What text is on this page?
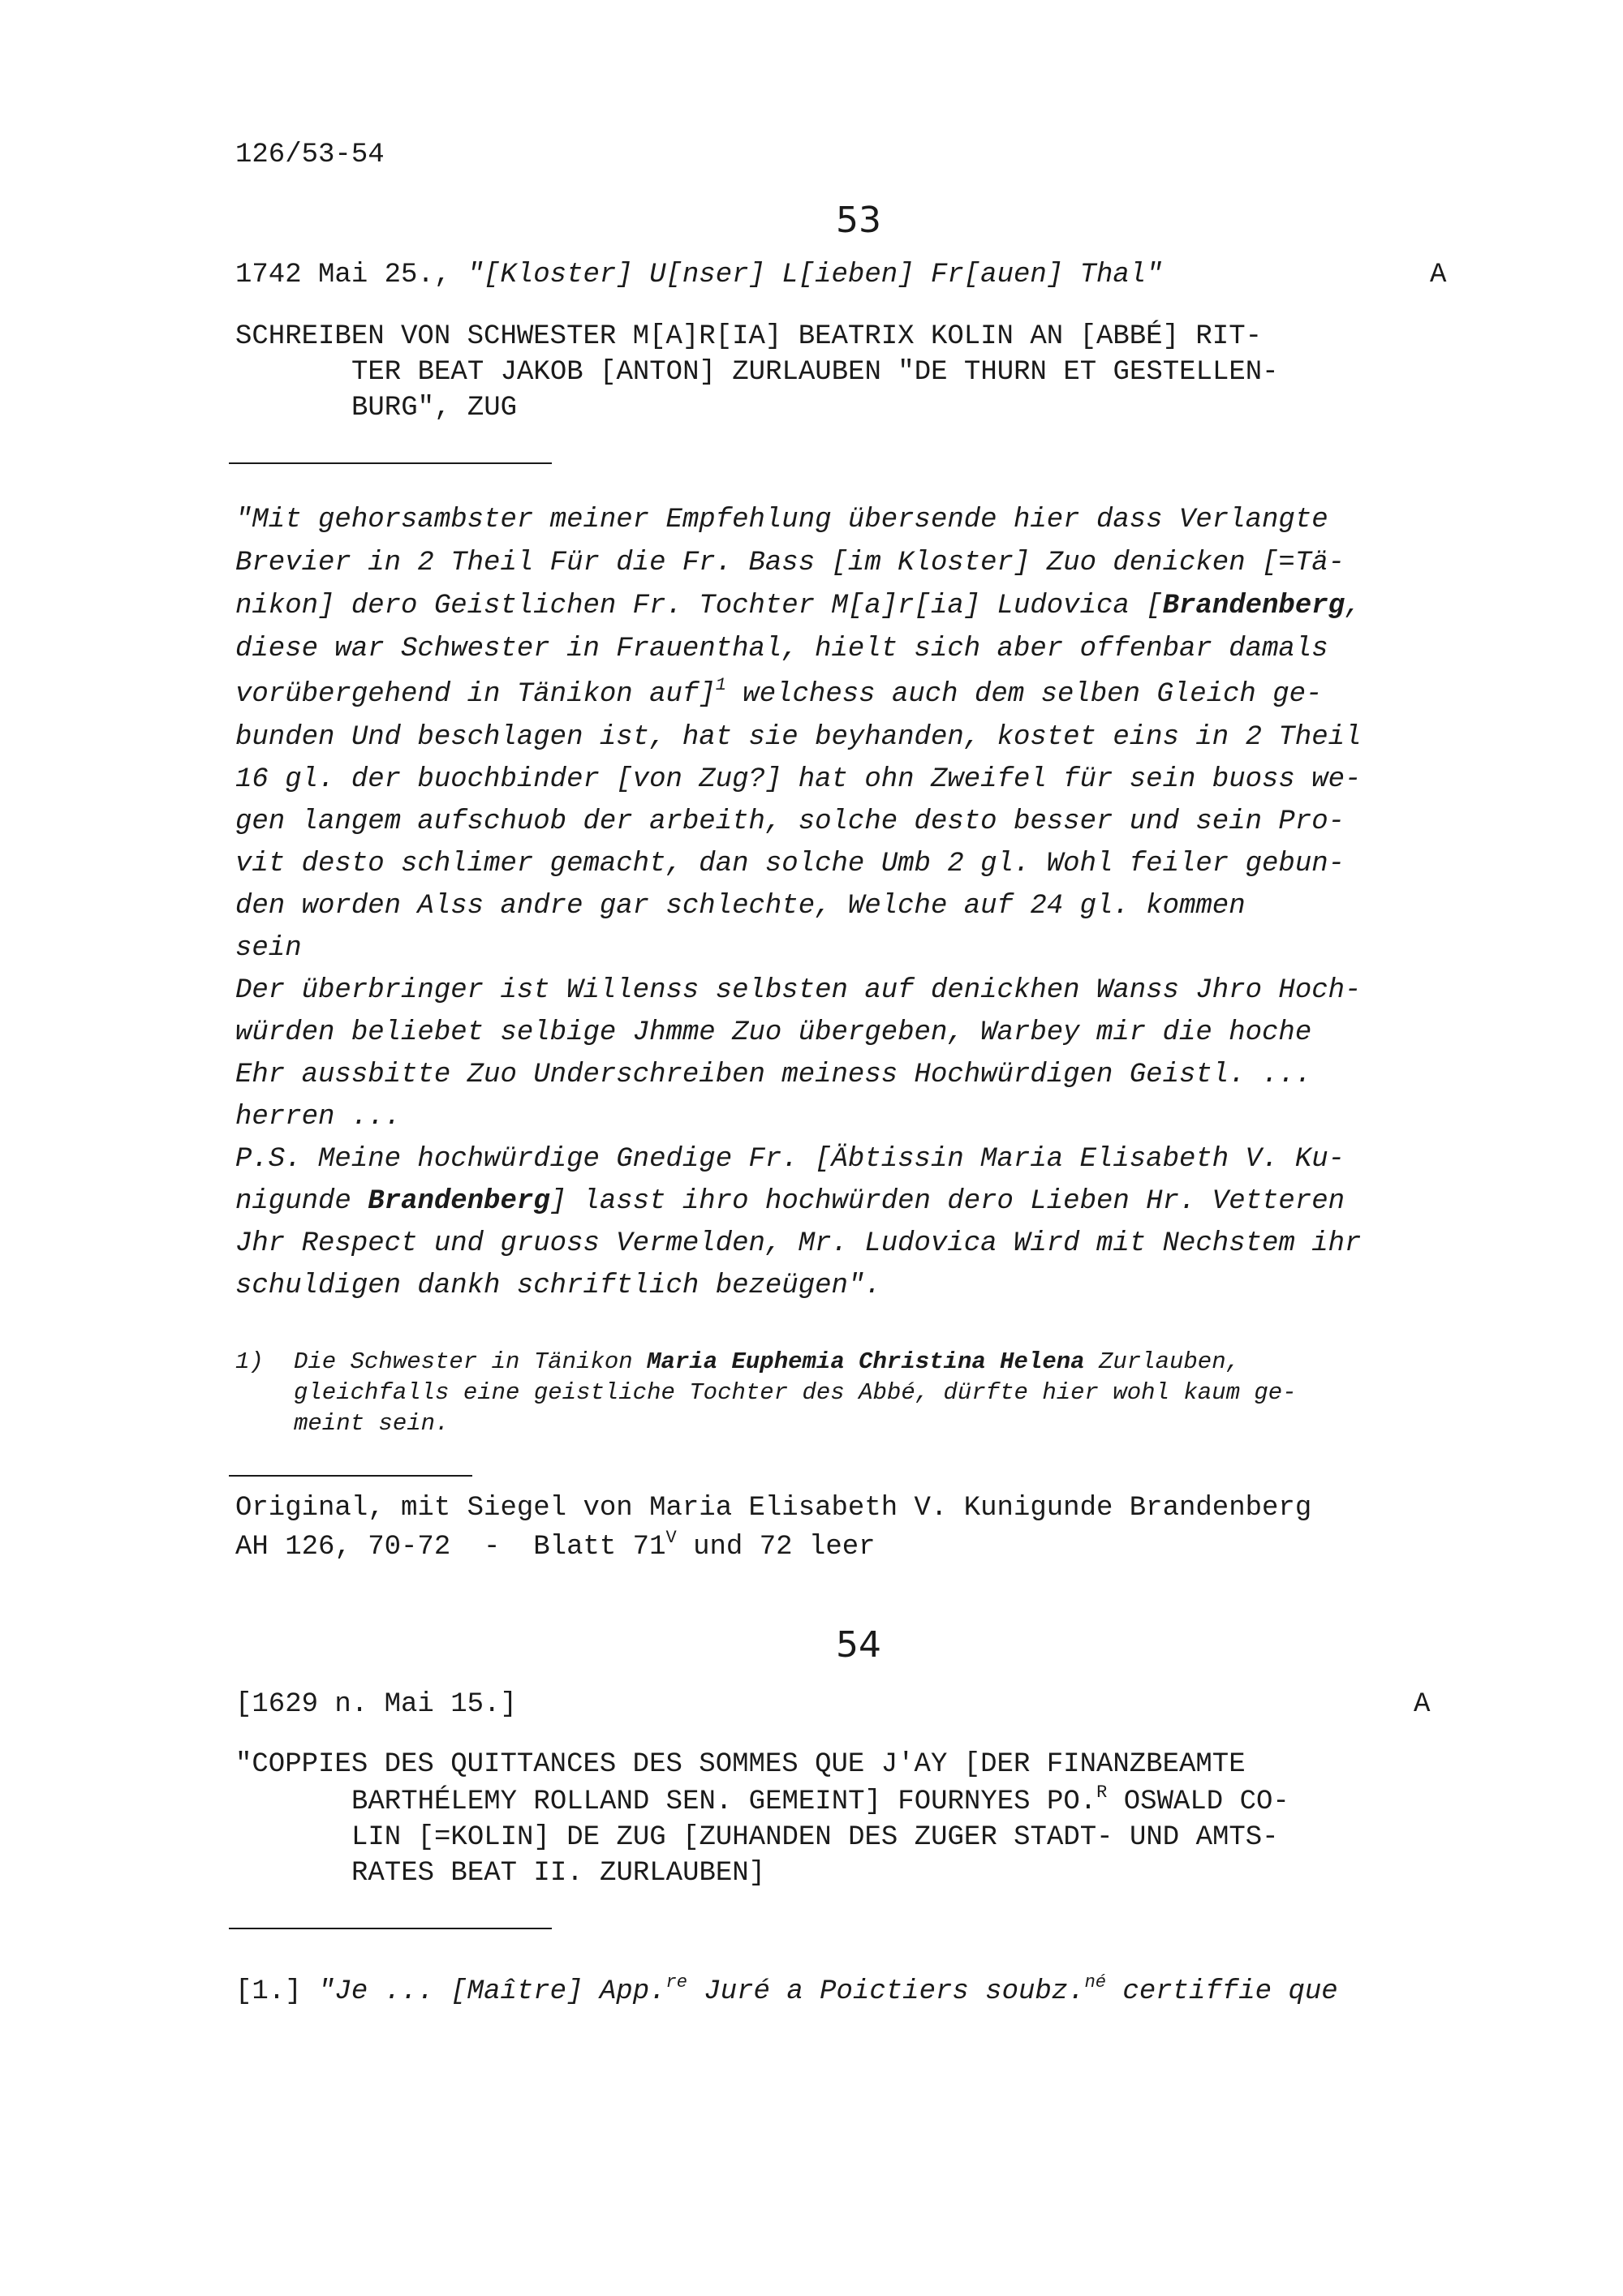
126/53-54
53
1742 Mai 25., "[Kloster] U[nser] L[ieben] Fr[auen] Thal"	A
SCHREIBEN VON SCHWESTER M[A]R[IA] BEATRIX KOLIN AN [ABBÉ] RIT-
TER BEAT JAKOB [ANTON] ZURLAUBEN "DE THURN ET GESTELLEN-
BURG", ZUG
"Mit gehorsambster meiner Empfehlung übersende hier dass Verlangte
Brevier in 2 Theil Für die Fr. Bass [im Kloster] Zuo denicken [=Tä-
nikon] dero Geistlichen Fr. Tochter M[a]r[ia] Ludovica [Brandenberg,
diese war Schwester in Frauenthal, hielt sich aber offenbar damals
vorübergehend in Tänikon auf]$^1$ welchess auch dem selben Gleich ge-
bunden Und beschlagen ist, hat sie beyhanden, kostet eins in 2 Theil
16 gl. der buochbinder [von Zug?] hat ohn Zweifel für sein buoss we-
gen langem aufschuob der arbeith, solche desto besser und sein Pro-
vit desto schlimer gemacht, dan solche Umb 2 gl. Wohl feiler gebun-
den worden Alss andre gar schlechte, Welche auf 24 gl. kommen
sein
Der überbringer ist Willenss selbsten auf denickhen Wanss Jhro Hoch-
würden beliebet selbige Jhmme Zuo übergeben, Warbey mir die hoche
Ehr aussbitte Zuo Underschreiben meiness Hochwürdigen Geistl. ...
herren ...
P.S. Meine hochwürdige Gnedige Fr. [Äbtissin Maria Elisabeth V. Ku-
nigunde Brandenberg] lasst ihro hochwürden dero Lieben Hr. Vetteren
Jhr Respect und gruoss Vermelden, Mr. Ludovica Wird mit Nechstem ihr
schuldigen dankh schriftlich bezeügen".
1) Die Schwester in Tänikon Maria Euphemia Christina Helena Zurlauben,
gleichfalls eine geistliche Tochter des Abbé, dürfte hier wohl kaum ge-
meint sein.
Original, mit Siegel von Maria Elisabeth V. Kunigunde Brandenberg
AH 126, 70-72  -  Blatt $71^V$ und 72 leer
54
[1629 n. Mai 15.]	A
"COPPIES DES QUITTANCES DES SOMMES QUE J'AY [DER FINANZBEAMTE
BARTHÉLEMY ROLLAND SEN. GEMEINT] FOURNYES PO.$^R$ OSWALD CO-
LIN [=KOLIN] DE ZUG [ZUHANDEN DES ZUGER STADT- UND AMTS-
RATES BEAT II. ZURLAUBEN]
[1.] "Je ... [Maître] App.$^{re}$ Juré a Poictiers soubz.$^{né}$ certiffie que
